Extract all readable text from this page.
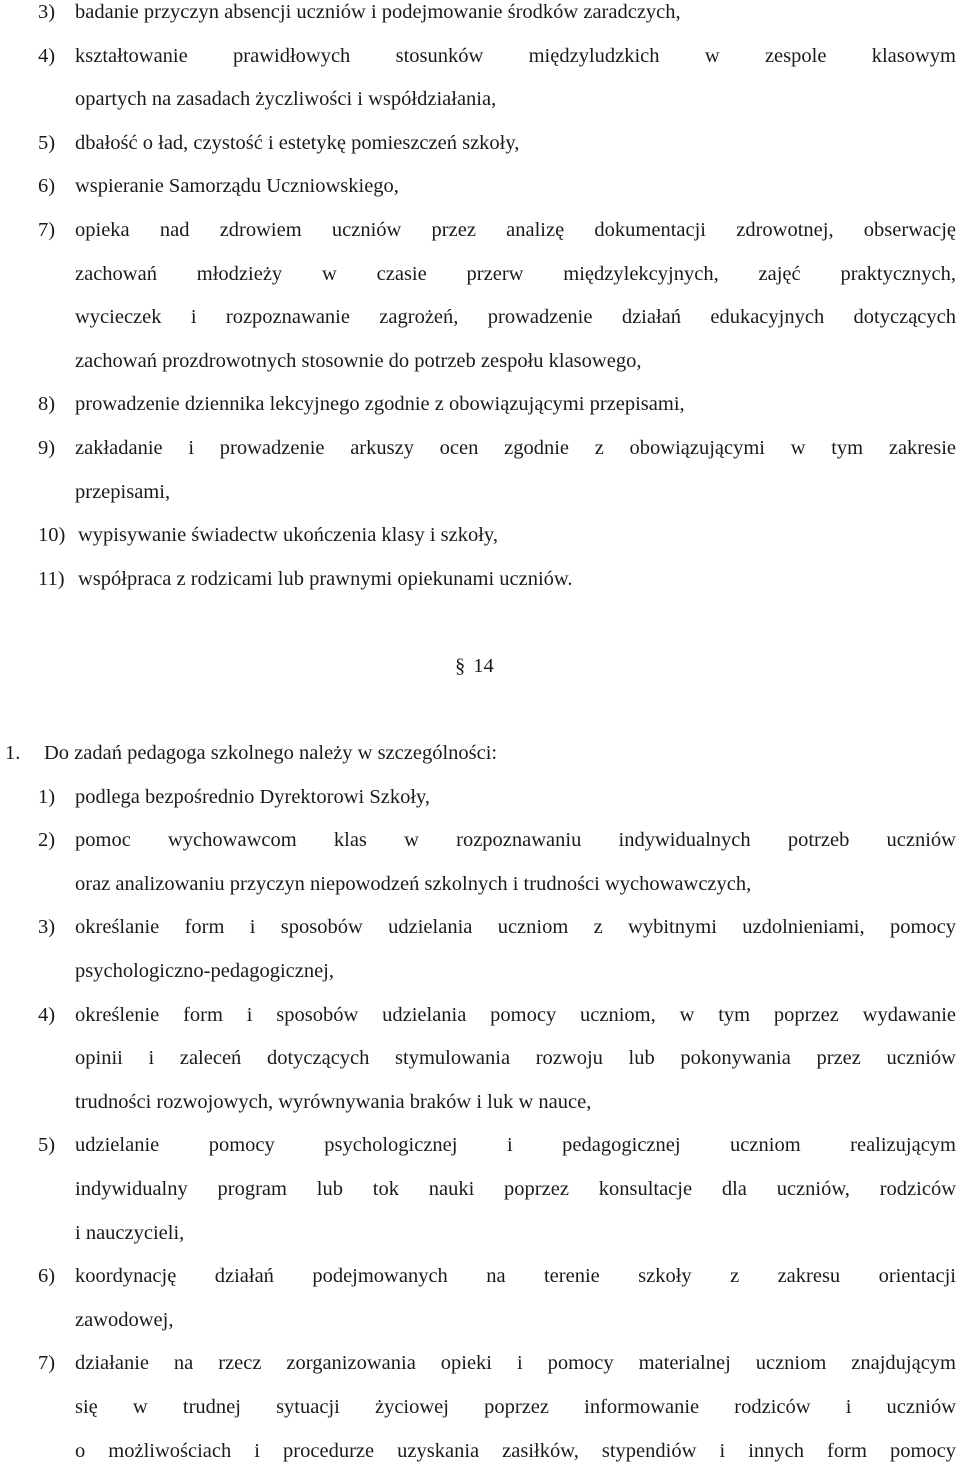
3) badanie przyczyn absencji uczniów i podejmowanie środków zaradczych,
4) kształtowanie prawidłowych stosunków międzyludzkich w zespole klasowym
opartych na zasadach życzliwości i współdziałania,
5) dbałość o ład, czystość i estetykę pomieszczeń szkoły,
6) wspieranie Samorządu Uczniowskiego,
7) opieka nad zdrowiem uczniów przez analizę dokumentacji zdrowotnej, obserwację
zachowań młodzieży w czasie przerw międzylekcyjnych, zajęć praktycznych,
wycieczek i rozpoznawanie zagrożeń, prowadzenie działań edukacyjnych dotyczących
zachowań prozdrowotnych stosownie do potrzeb zespołu klasowego,
8) prowadzenie dziennika lekcyjnego zgodnie z obowiązującymi przepisami,
9) zakładanie i prowadzenie arkuszy ocen zgodnie z obowiązującymi w tym zakresie
przepisami,
10) wypisywanie świadectw ukończenia klasy i szkoły,
11) współpraca z rodzicami lub prawnymi opiekunami uczniów.
§ 14
1. Do zadań pedagoga szkolnego należy w szczególności:
1) podlega bezpośrednio Dyrektorowi Szkoły,
2) pomoc wychowawcom klas w rozpoznawaniu indywidualnych potrzeb uczniów
oraz analizowaniu przyczyn niepowodzeń szkolnych i trudności wychowawczych,
3) określanie form i sposobów udzielania uczniom z wybitnymi uzdolnieniami, pomocy
psychologiczno-pedagogicznej,
4) określenie form i sposobów udzielania pomocy uczniom, w tym poprzez wydawanie
opinii i zaleceń dotyczących stymulowania rozwoju lub pokonywania przez uczniów
trudności rozwojowych, wyrównywania braków i luk w nauce,
5) udzielanie pomocy psychologicznej i pedagogicznej uczniom realizującym
indywidualny program lub tok nauki poprzez konsultacje dla uczniów, rodziców
i nauczycieli,
6) koordynację działań podejmowanych na terenie szkoły z zakresu orientacji
zawodowej,
7) działanie na rzecz zorganizowania opieki i pomocy materialnej uczniom znajdującym
się w trudnej sytuacji życiowej poprzez informowanie rodziców i uczniów
o możliwościach i procedurze uzyskania zasiłków, stypendiów i innych form pomocy
